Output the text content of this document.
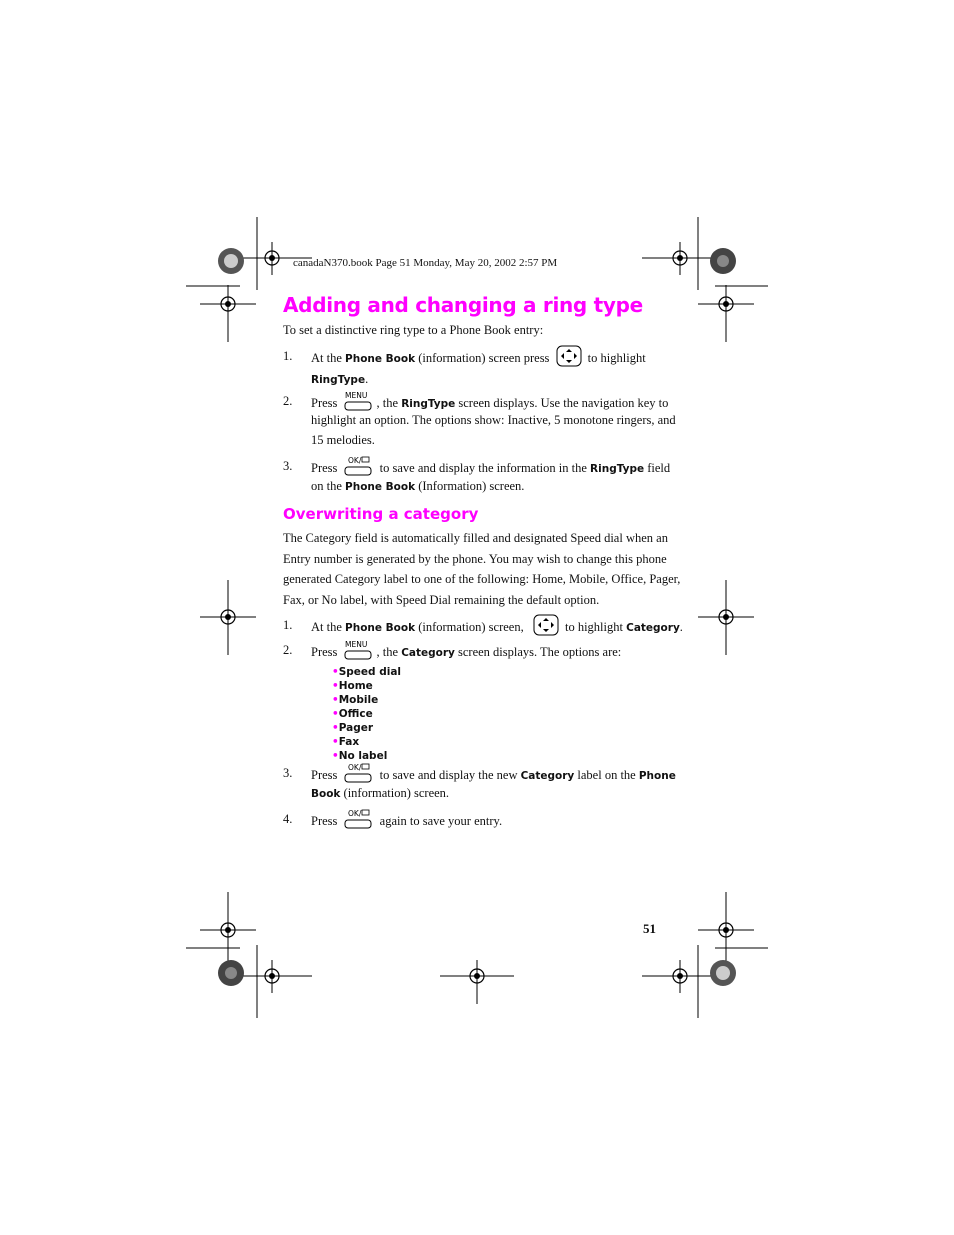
canadaN370.book Page 51 Monday, May 20, 2002 2:57 PM
Adding and changing a ring type
To set a distinctive ring type to a Phone Book entry:
1. At the Phone Book (information) screen press	to highlight
RingType.
2. Press
MENU
, the RingType screen displays. Use the navigation key to
highlight an option. The options show: Inactive, 5 monotone ringers, and
15 melodies.
3. Press
OK/
to save and display the information in the RingType field
on the Phone Book (Information) screen.
Overwriting a category
The Category field is automatically filled and designated Speed dial when an
Entry number is generated by the phone. You may wish to change this phone
generated Category label to one of the following: Home, Mobile, Office, Pager,
Fax, or No label, with Speed Dial remaining the default option.
1. At the Phone Book (information) screen,	to highlight Category.
2. Press
MENU
, the Category screen displays. The options are:
•Speed dial
•Home
•Mobile
•Office
•Pager
•Fax
•No label
3. Press
OK/
to save and display the new Category label on the Phone
Book (information) screen.
4. Press
OK/
again to save your entry.
51
